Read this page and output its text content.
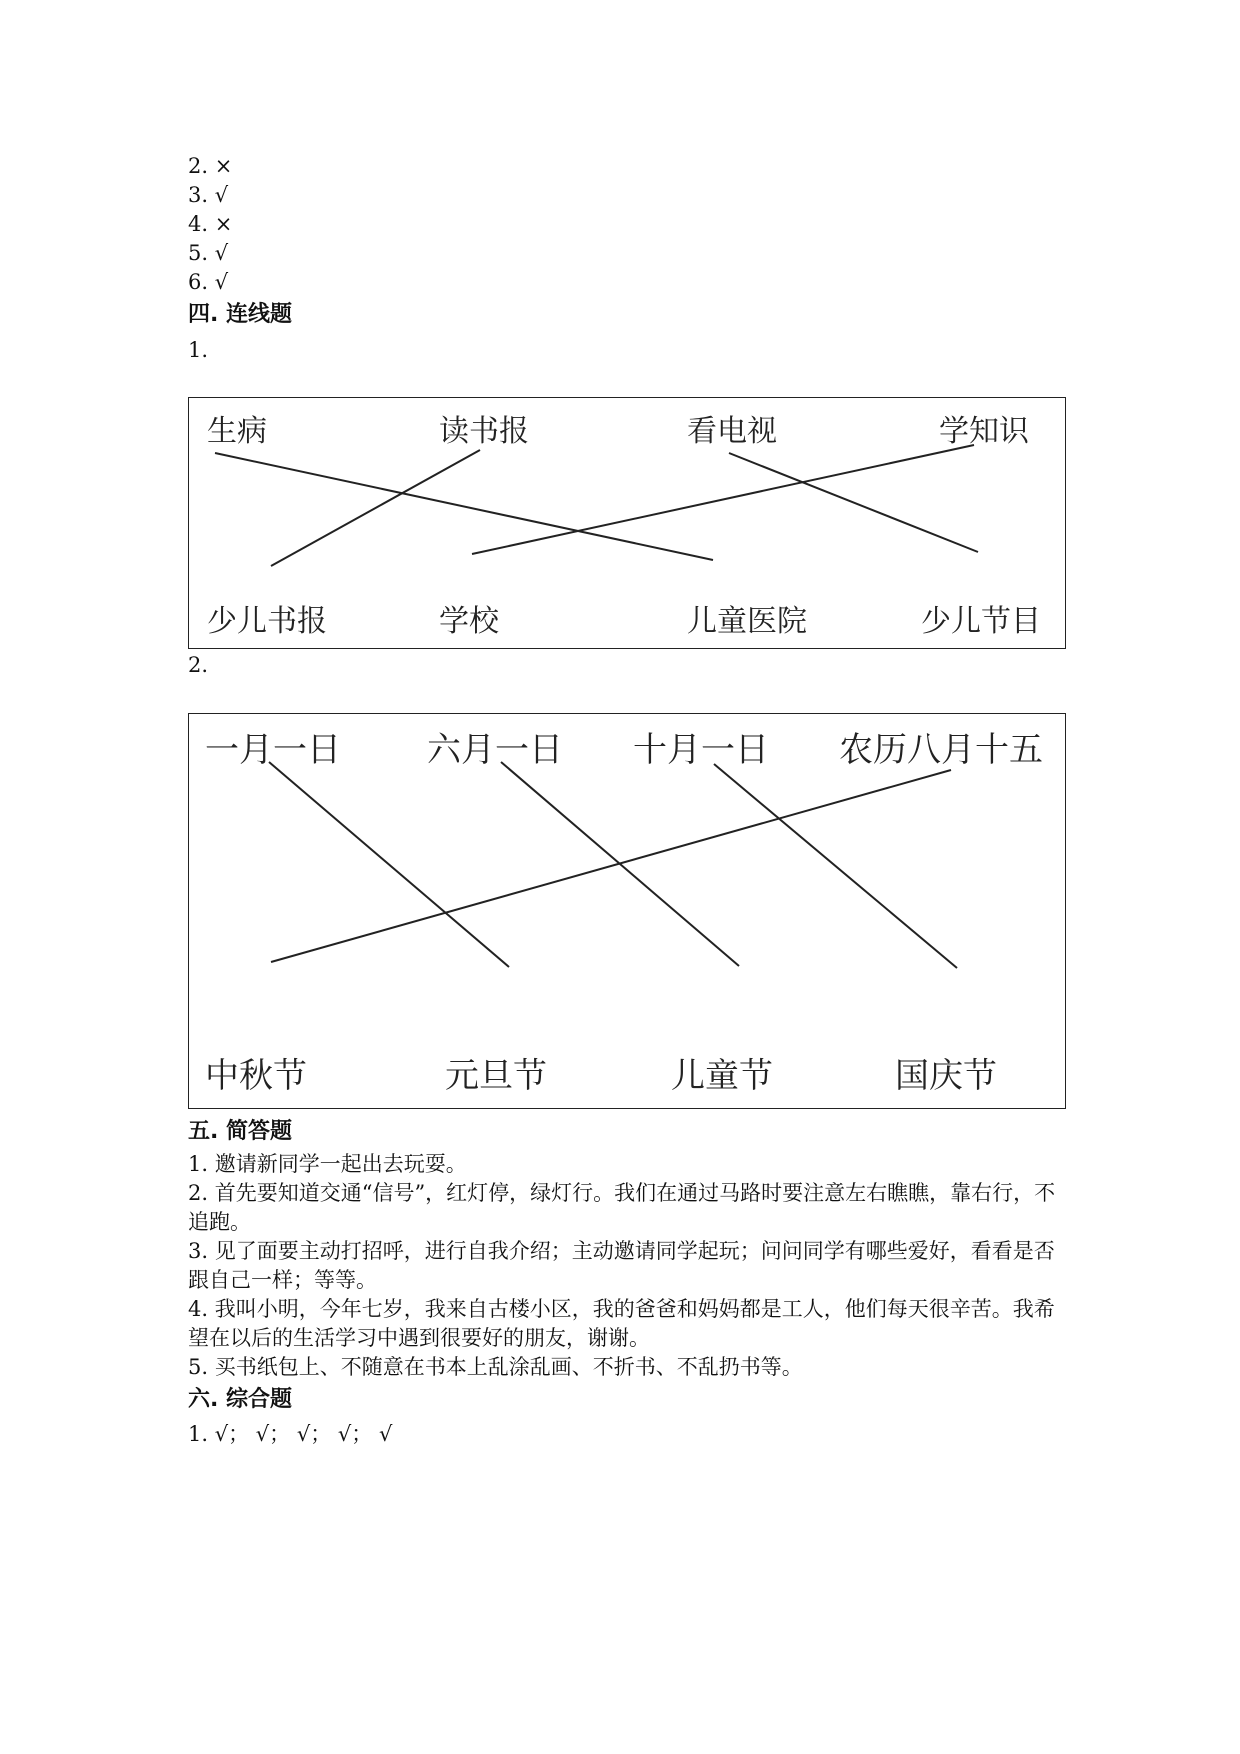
2. ×
3. √
4. ×
5. √
6. √
四. 连线题
1.
生病	读书报	看电视	学知识
少儿书报	学校	儿童医院	少儿节目
2.
一月一日	六月一日 十月一日 农历八月十五
中秋节	元旦节	儿童节	国庆节
五. 简答题
1. 邀请新同学一起出去玩耍。
2. 首先要知道交通“信号”，红灯停，绿灯行。我们在通过马路时要注意左右瞧瞧，靠右行，不追跑。
3. 见了面要主动打招呼，进行自我介绍；主动邀请同学起玩；问问同学有哪些爱好，看看是否跟自己一样；等等。
4. 我叫小明，今年七岁，我来自古楼小区，我的爸爸和妈妈都是工人，他们每天很辛苦。我希望在以后的生活学习中遇到很要好的朋友，谢谢。
5. 买书纸包上、不随意在书本上乱涂乱画、不折书、不乱扔书等。
六. 综合题
1. √； √； √； √； √
